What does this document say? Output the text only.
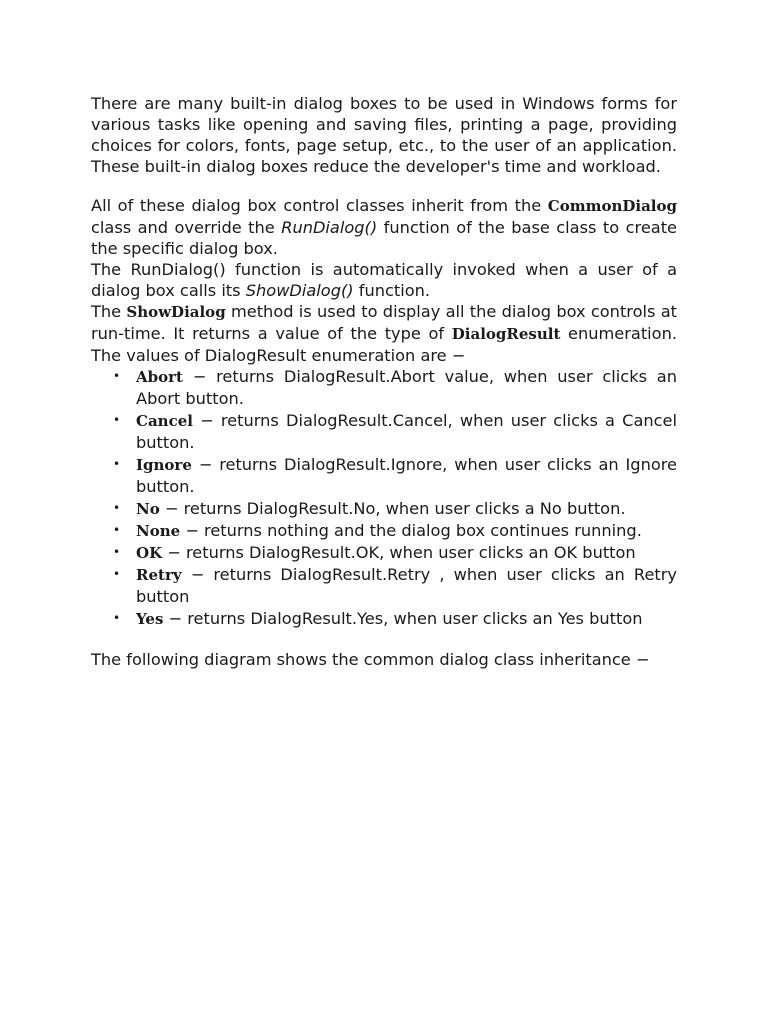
There are many built-in dialog boxes to be used in Windows forms for various tasks like opening and saving files, printing a page, providing choices for colors, fonts, page setup, etc., to the user of an application. These built-in dialog boxes reduce the developer's time and workload.

All of these dialog box control classes inherit from the CommonDialog class and override the RunDialog() function of the base class to create the specific dialog box.

The RunDialog() function is automatically invoked when a user of a dialog box calls its ShowDialog() function.

The ShowDialog method is used to display all the dialog box controls at run-time. It returns a value of the type of DialogResult enumeration. The values of DialogResult enumeration are −

• Abort − returns DialogResult.Abort value, when user clicks an Abort button.
• Cancel − returns DialogResult.Cancel, when user clicks a Cancel button.
• Ignore − returns DialogResult.Ignore, when user clicks an Ignore button.
• No − returns DialogResult.No, when user clicks a No button.
• None − returns nothing and the dialog box continues running.
• OK − returns DialogResult.OK, when user clicks an OK button
• Retry − returns DialogResult.Retry , when user clicks an Retry button
• Yes − returns DialogResult.Yes, when user clicks an Yes button

The following diagram shows the common dialog class inheritance −
